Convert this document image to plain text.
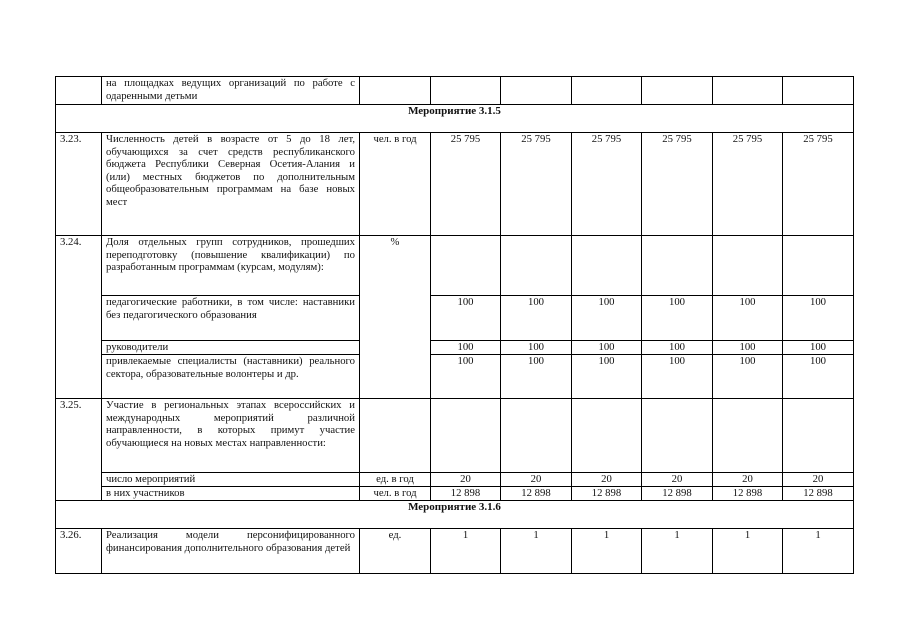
	на площадках ведущих организаций по работе с одаренными детьми							
Мероприятие 3.1.5								
3.23.	Численность детей в возрасте от 5 до 18 лет, обучающихся за счет средств республиканского бюджета Республики Северная Осетия-Алания и (или) местных бюджетов по дополнительным общеобразовательным программам на базе новых мест	чел. в год	25 795	25 795	25 795	25 795	25 795	25 795
3.24.	Доля отдельных групп сотрудников, прошедших переподготовку (повышение квалификации) по разработанным программам (курсам, модулям):	%						
	педагогические работники, в том числе: наставники без педагогического образования		100	100	100	100	100	100
	руководители		100	100	100	100	100	100
	привлекаемые специалисты (наставники) реального сектора, образовательные волонтеры и др.		100	100	100	100	100	100
3.25.	Участие в региональных этапах всероссийских и международных мероприятий различной направленности, в которых примут участие обучающиеся на новых местах направленности:							
	число мероприятий	ед. в год	20	20	20	20	20	20
	в них участников	чел. в год	12 898	12 898	12 898	12 898	12 898	12 898
Мероприятие 3.1.6								
3.26.	Реализация модели персонифицированного финансирования дополнительного образования детей	ед.	1	1	1	1	1	1
